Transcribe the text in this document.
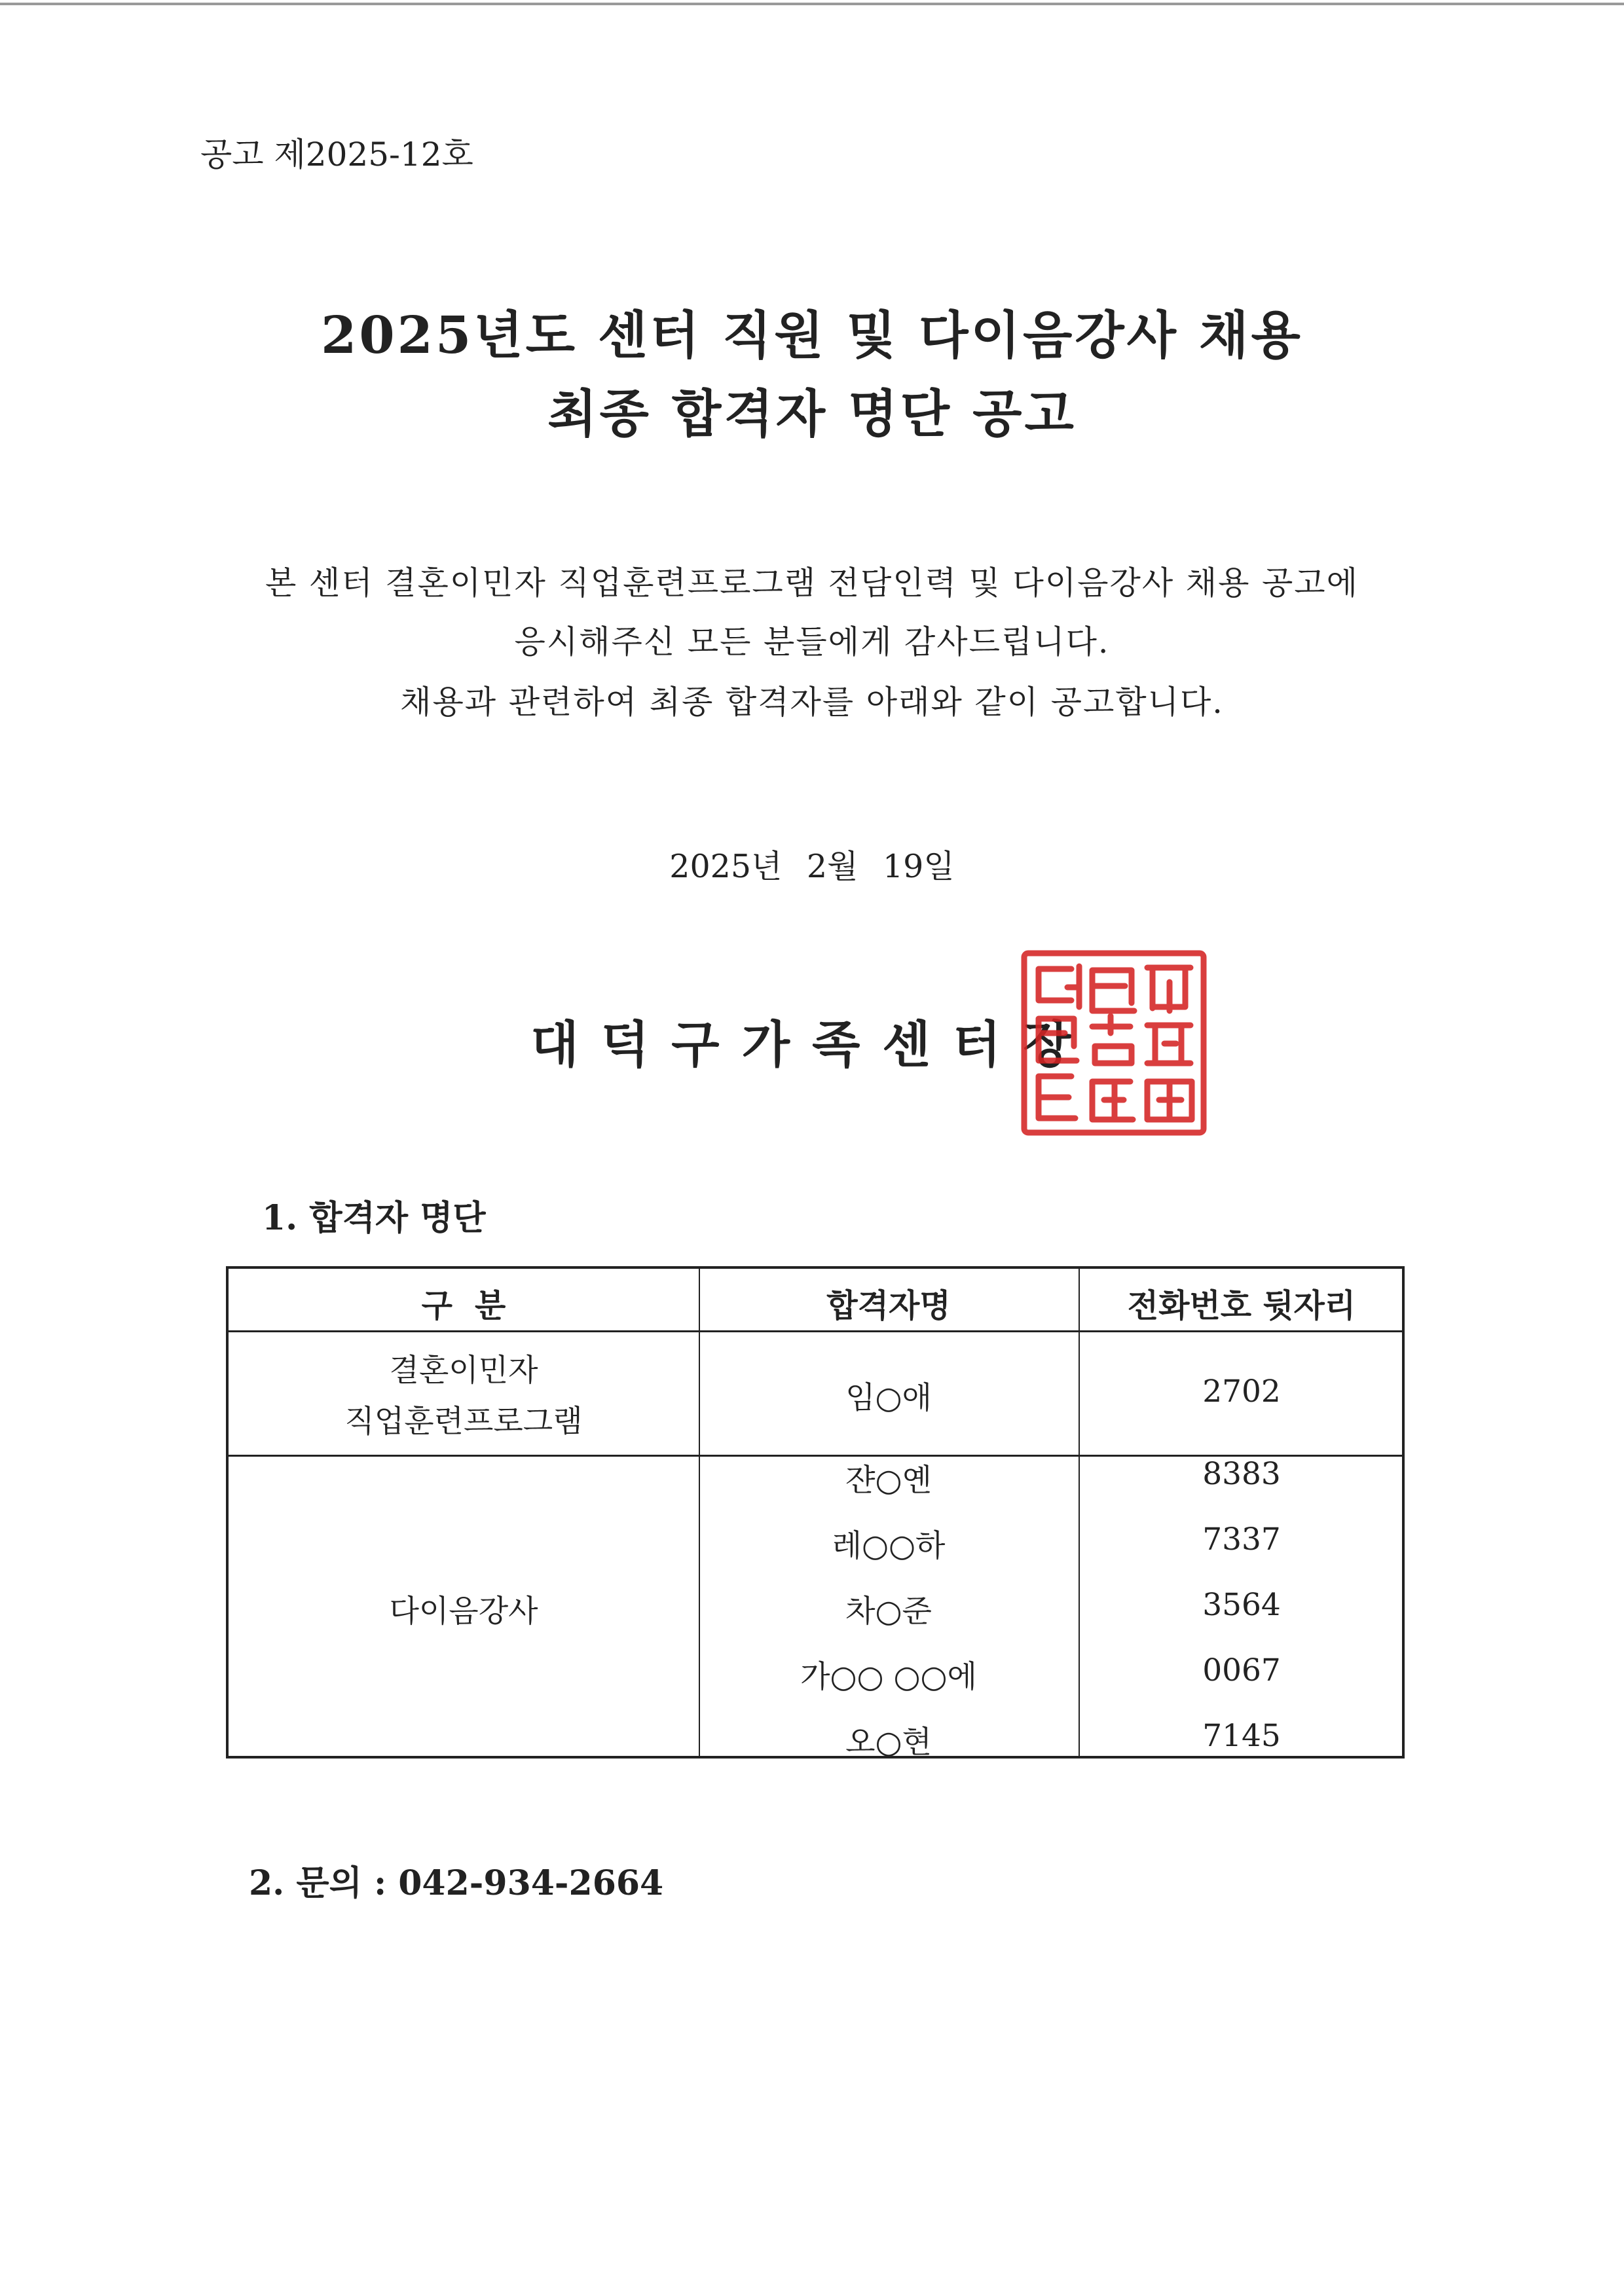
공고 제2025-12호
2025년도 센터 직원 및 다이음강사 채용
최종 합격자 명단 공고
본 센터 결혼이민자 직업훈련프로그램 전담인력 및 다이음강사 채용 공고에
응시해주신 모든 분들에게 감사드립니다.
채용과 관련하여 최종 합격자를 아래와 같이 공고합니다.
2025년 2월 19일
대덕구가족센터장
1. 합격자 명단
구  분	합격자명	전화번호 뒷자리
결혼이민자
직업훈련프로그램
임○애	2702
다이음강사
쟌○옌	8383
레○○하	7337
차○준	3564
가○○ ○○에	0067
오○현	7145
2. 문의 : 042-934-2664
